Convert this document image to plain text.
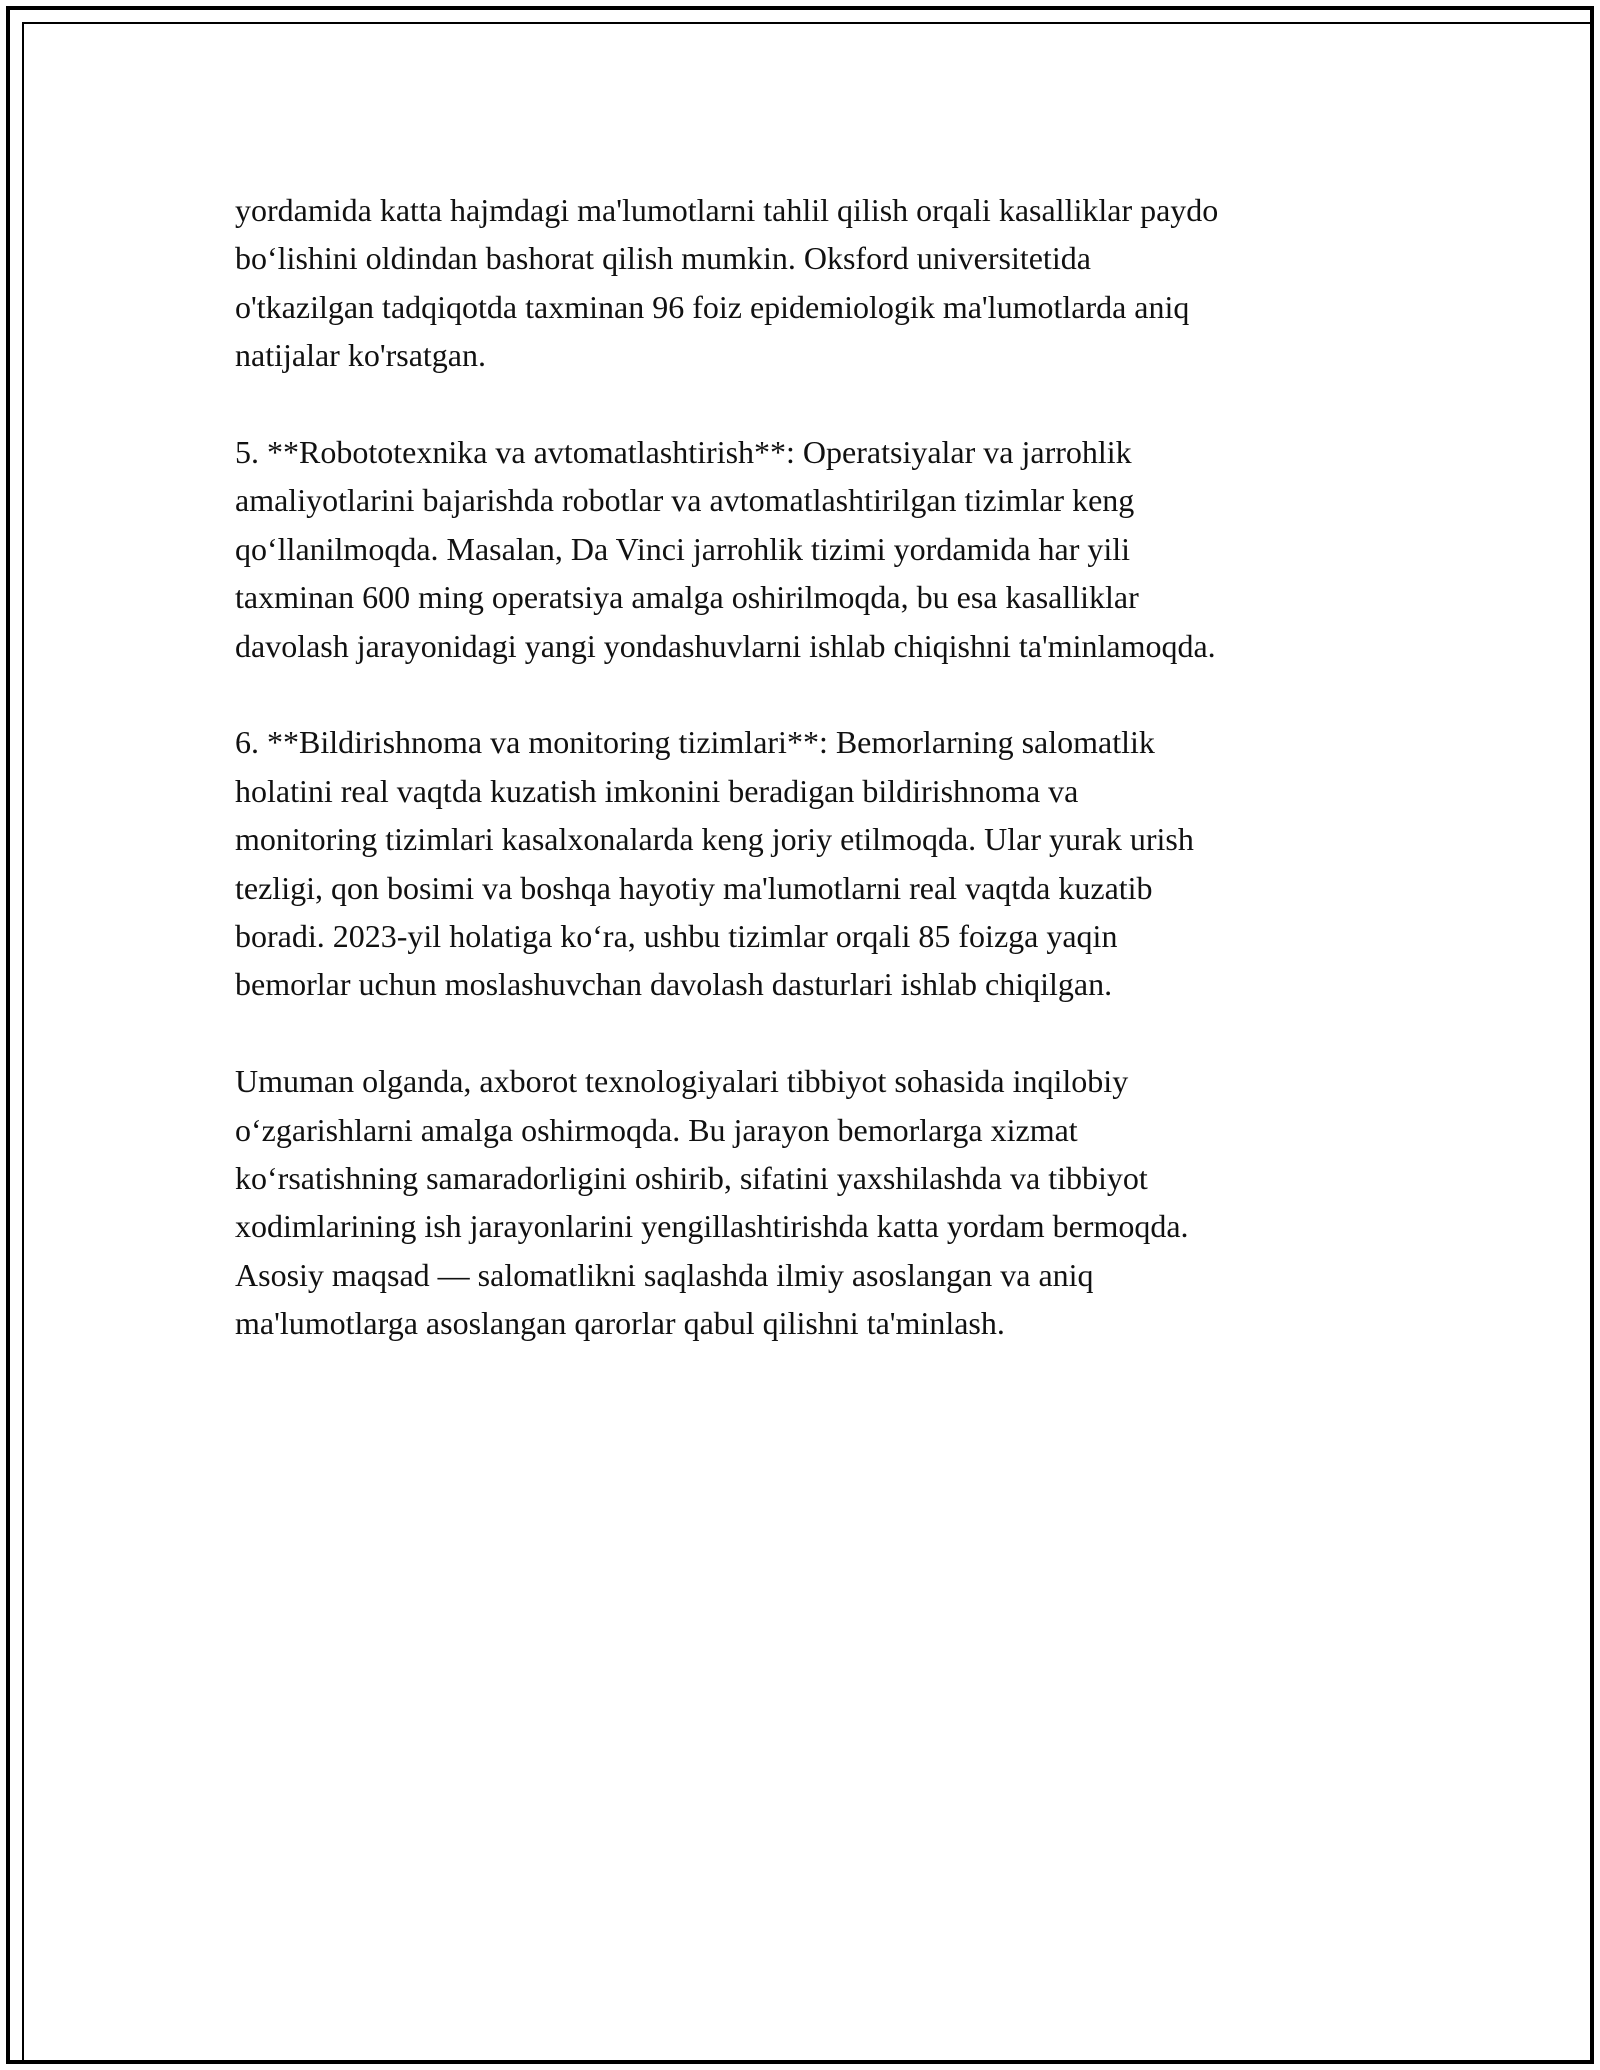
yordamida katta hajmdagi ma'lumotlarni tahlil qilish orqali kasalliklar paydo
boʻlishini oldindan bashorat qilish mumkin. Oksford universitetida
o'tkazilgan tadqiqotda taxminan 96 foiz epidemiologik ma'lumotlarda aniq
natijalar ko'rsatgan.

5. **Robototexnika va avtomatlashtirish**: Operatsiyalar va jarrohlik
amaliyotlarini bajarishda robotlar va avtomatlashtirilgan tizimlar keng
qoʻllanilmoqda. Masalan, Da Vinci jarrohlik tizimi yordamida har yili
taxminan 600 ming operatsiya amalga oshirilmoqda, bu esa kasalliklar
davolash jarayonidagi yangi yondashuvlarni ishlab chiqishni ta'minlamoqda.

6. **Bildirishnoma va monitoring tizimlari**: Bemorlarning salomatlik
holatini real vaqtda kuzatish imkonini beradigan bildirishnoma va
monitoring tizimlari kasalxonalarda keng joriy etilmoqda. Ular yurak urish
tezligi, qon bosimi va boshqa hayotiy ma'lumotlarni real vaqtda kuzatib
boradi. 2023-yil holatiga koʻra, ushbu tizimlar orqali 85 foizga yaqin
bemorlar uchun moslashuvchan davolash dasturlari ishlab chiqilgan.

Umuman olganda, axborot texnologiyalari tibbiyot sohasida inqilobiy
oʻzgarishlarni amalga oshirmoqda. Bu jarayon bemorlarga xizmat
koʻrsatishning samaradorligini oshirib, sifatini yaxshilashda va tibbiyot
xodimlarining ish jarayonlarini yengillashtirishda katta yordam bermoqda.
Asosiy maqsad — salomatlikni saqlashda ilmiy asoslangan va aniq
ma'lumotlarga asoslangan qarorlar qabul qilishni ta'minlash.
